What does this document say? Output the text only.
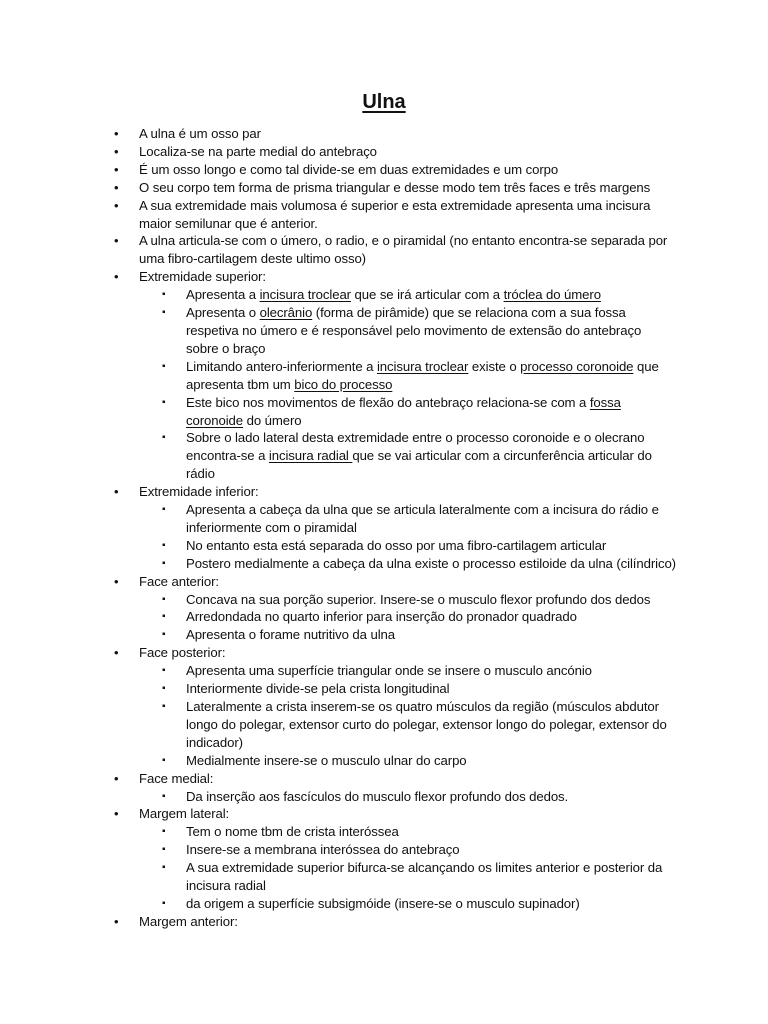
Ulna
• A ulna é um osso par
• Localiza-se na parte medial do antebraço
• É um osso longo e como tal divide-se em duas extremidades e um corpo
• O seu corpo tem forma de prisma triangular e desse modo tem três faces e três margens
• A sua extremidade mais volumosa é superior e esta extremidade apresenta uma incisura
maior semilunar que é anterior.
• A ulna articula-se com o úmero, o radio, e o piramidal (no entanto encontra-se separada por
uma fibro-cartilagem deste ultimo osso)
• Extremidade superior:
▪ Apresenta a incisura troclear que se irá articular com a tróclea do úmero
▪ Apresenta o olecrânio (forma de pirâmide) que se relaciona com a sua fossa
respetiva no úmero e é responsável pelo movimento de extensão do antebraço
sobre o braço
▪ Limitando antero-inferiormente a incisura troclear existe o processo coronoide que
apresenta tbm um bico do processo
▪ Este bico nos movimentos de flexão do antebraço relaciona-se com a fossa
coronoide do úmero
▪ Sobre o lado lateral desta extremidade entre o processo coronoide e o olecrano
encontra-se a incisura radial que se vai articular com a circunferência articular do
rádio
• Extremidade inferior:
▪ Apresenta a cabeça da ulna que se articula lateralmente com a incisura do rádio e
inferiormente com o piramidal
▪ No entanto esta está separada do osso por uma fibro-cartilagem articular
▪ Postero medialmente a cabeça da ulna existe o processo estiloide da ulna (cilíndrico)
• Face anterior:
▪ Concava na sua porção superior. Insere-se o musculo flexor profundo dos dedos
▪ Arredondada no quarto inferior para inserção do pronador quadrado
▪ Apresenta o forame nutritivo da ulna
• Face posterior:
▪ Apresenta uma superfície triangular onde se insere o musculo ancónio
▪ Interiormente divide-se pela crista longitudinal
▪ Lateralmente a crista inserem-se os quatro músculos da região (músculos abdutor
longo do polegar, extensor curto do polegar, extensor longo do polegar, extensor do
indicador)
▪ Medialmente insere-se o musculo ulnar do carpo
• Face medial:
▪ Da inserção aos fascículos do musculo flexor profundo dos dedos.
• Margem lateral:
▪ Tem o nome tbm de crista interóssea
▪ Insere-se a membrana interóssea do antebraço
▪ A sua extremidade superior bifurca-se alcançando os limites anterior e posterior da
incisura radial
▪ da origem a superfície subsigmóide (insere-se o musculo supinador)
• Margem anterior:
